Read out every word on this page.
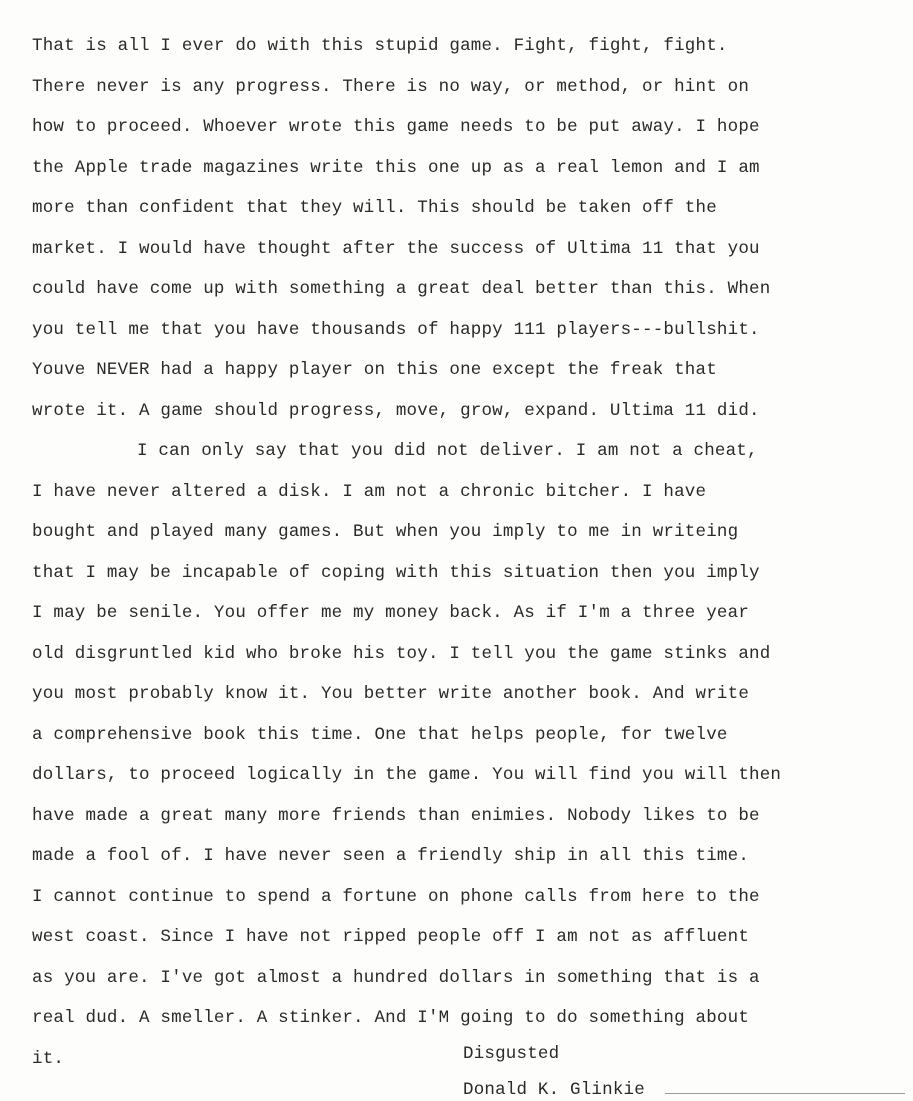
That is all I ever do with this stupid game. Fight, fight, fight.
There never is any progress. There is no way, or method, or hint on
how to proceed. Whoever wrote this game needs to be put away. I hope
the Apple trade magazines write this one up as a real lemon and I am
more than confident that they will. This should be taken off the
market. I would have thought after the success of Ultima 11 that you
could have come up with something a great deal better than this. When
you tell me that you have thousands of happy 111 players---bullshit.
Youve NEVER had a happy player on this one except the freak that
wrote it. A game should progress, move, grow, expand. Ultima 11 did.
I can only say that you did not deliver. I am not a cheat,
I have never altered a disk. I am not a chronic bitcher. I have
bought and played many games. But when you imply to me in writeing
that I may be incapable of coping with this situation then you imply
I may be senile. You offer me my money back. As if I'm a three year
old disgruntled kid who broke his toy. I tell you the game stinks and
you most probably know it. You better write another book. And write
a comprehensive book this time. One that helps people, for twelve
dollars, to proceed logically in the game. You will find you will then
have made a great many more friends than enimies. Nobody likes to be
made a fool of. I have never seen a friendly ship in all this time.
I cannot continue to spend a fortune on phone calls from here to the
west coast. Since I have not ripped people off I am not as affluent
as you are. I've got almost a hundred dollars in something that is a
real dud. A smeller. A stinker. And I'M going to do something about
it.	Disgusted
Donald K. Glinkie
